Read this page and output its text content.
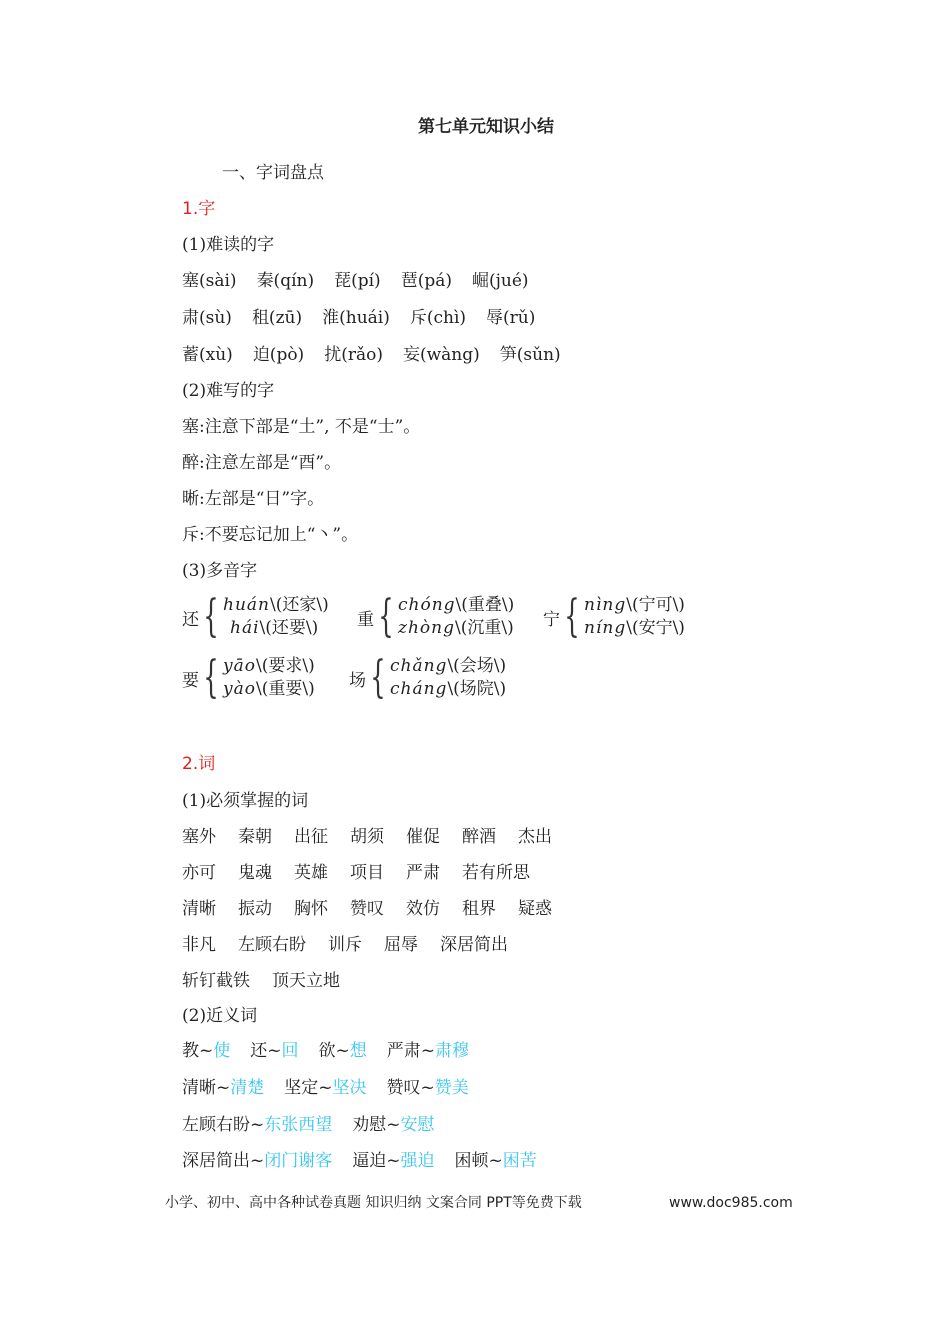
第七单元知识小结
一、字词盘点
1.字
(1)难读的字
塞(sài) 秦(qín) 琵(pí) 琶(pá) 崛(jué)
肃(sù) 租(zū) 淮(huái) 斥(chì) 辱(rǔ)
蓄(xù) 迫(pò) 扰(rǎo) 妄(wàng) 笋(sǔn)
(2)难写的字
塞:注意下部是“土”, 不是“士”。
醉:注意左部是“酉”。
晰:左部是“日”字。
斥:不要忘记加上“丶”。
(3)多音字
还 { huán\(还家\)
hái\(还要\)	重 { chóng\(重叠\)
zhòng\(沉重\) 宁 { nìng\(宁可\)
níng\(安宁\)
要 { yāo\(要求\)
yào\(重要\) 场 { chǎng\(会场\)
cháng\(场院\)
2.词
(1)必须掌握的词
塞外 秦朝 出征 胡须 催促 醉酒 杰出
亦可 鬼魂 英雄 项目 严肃 若有所思
清晰 振动 胸怀 赞叹 效仿 租界 疑惑
非凡 左顾右盼 训斥 屈辱 深居简出
斩钉截铁 顶天立地
(2)近义词
教~使 还~回 欲~想 严肃~肃穆
清晰~清楚 坚定~坚决 赞叹~赞美
左顾右盼~东张西望 劝慰~安慰
深居简出~闭门谢客 逼迫~强迫 困顿~困苦
小学、初中、高中各种试卷真题 知识归纳 文案合同 PPT等免费下载	www.doc985.com
